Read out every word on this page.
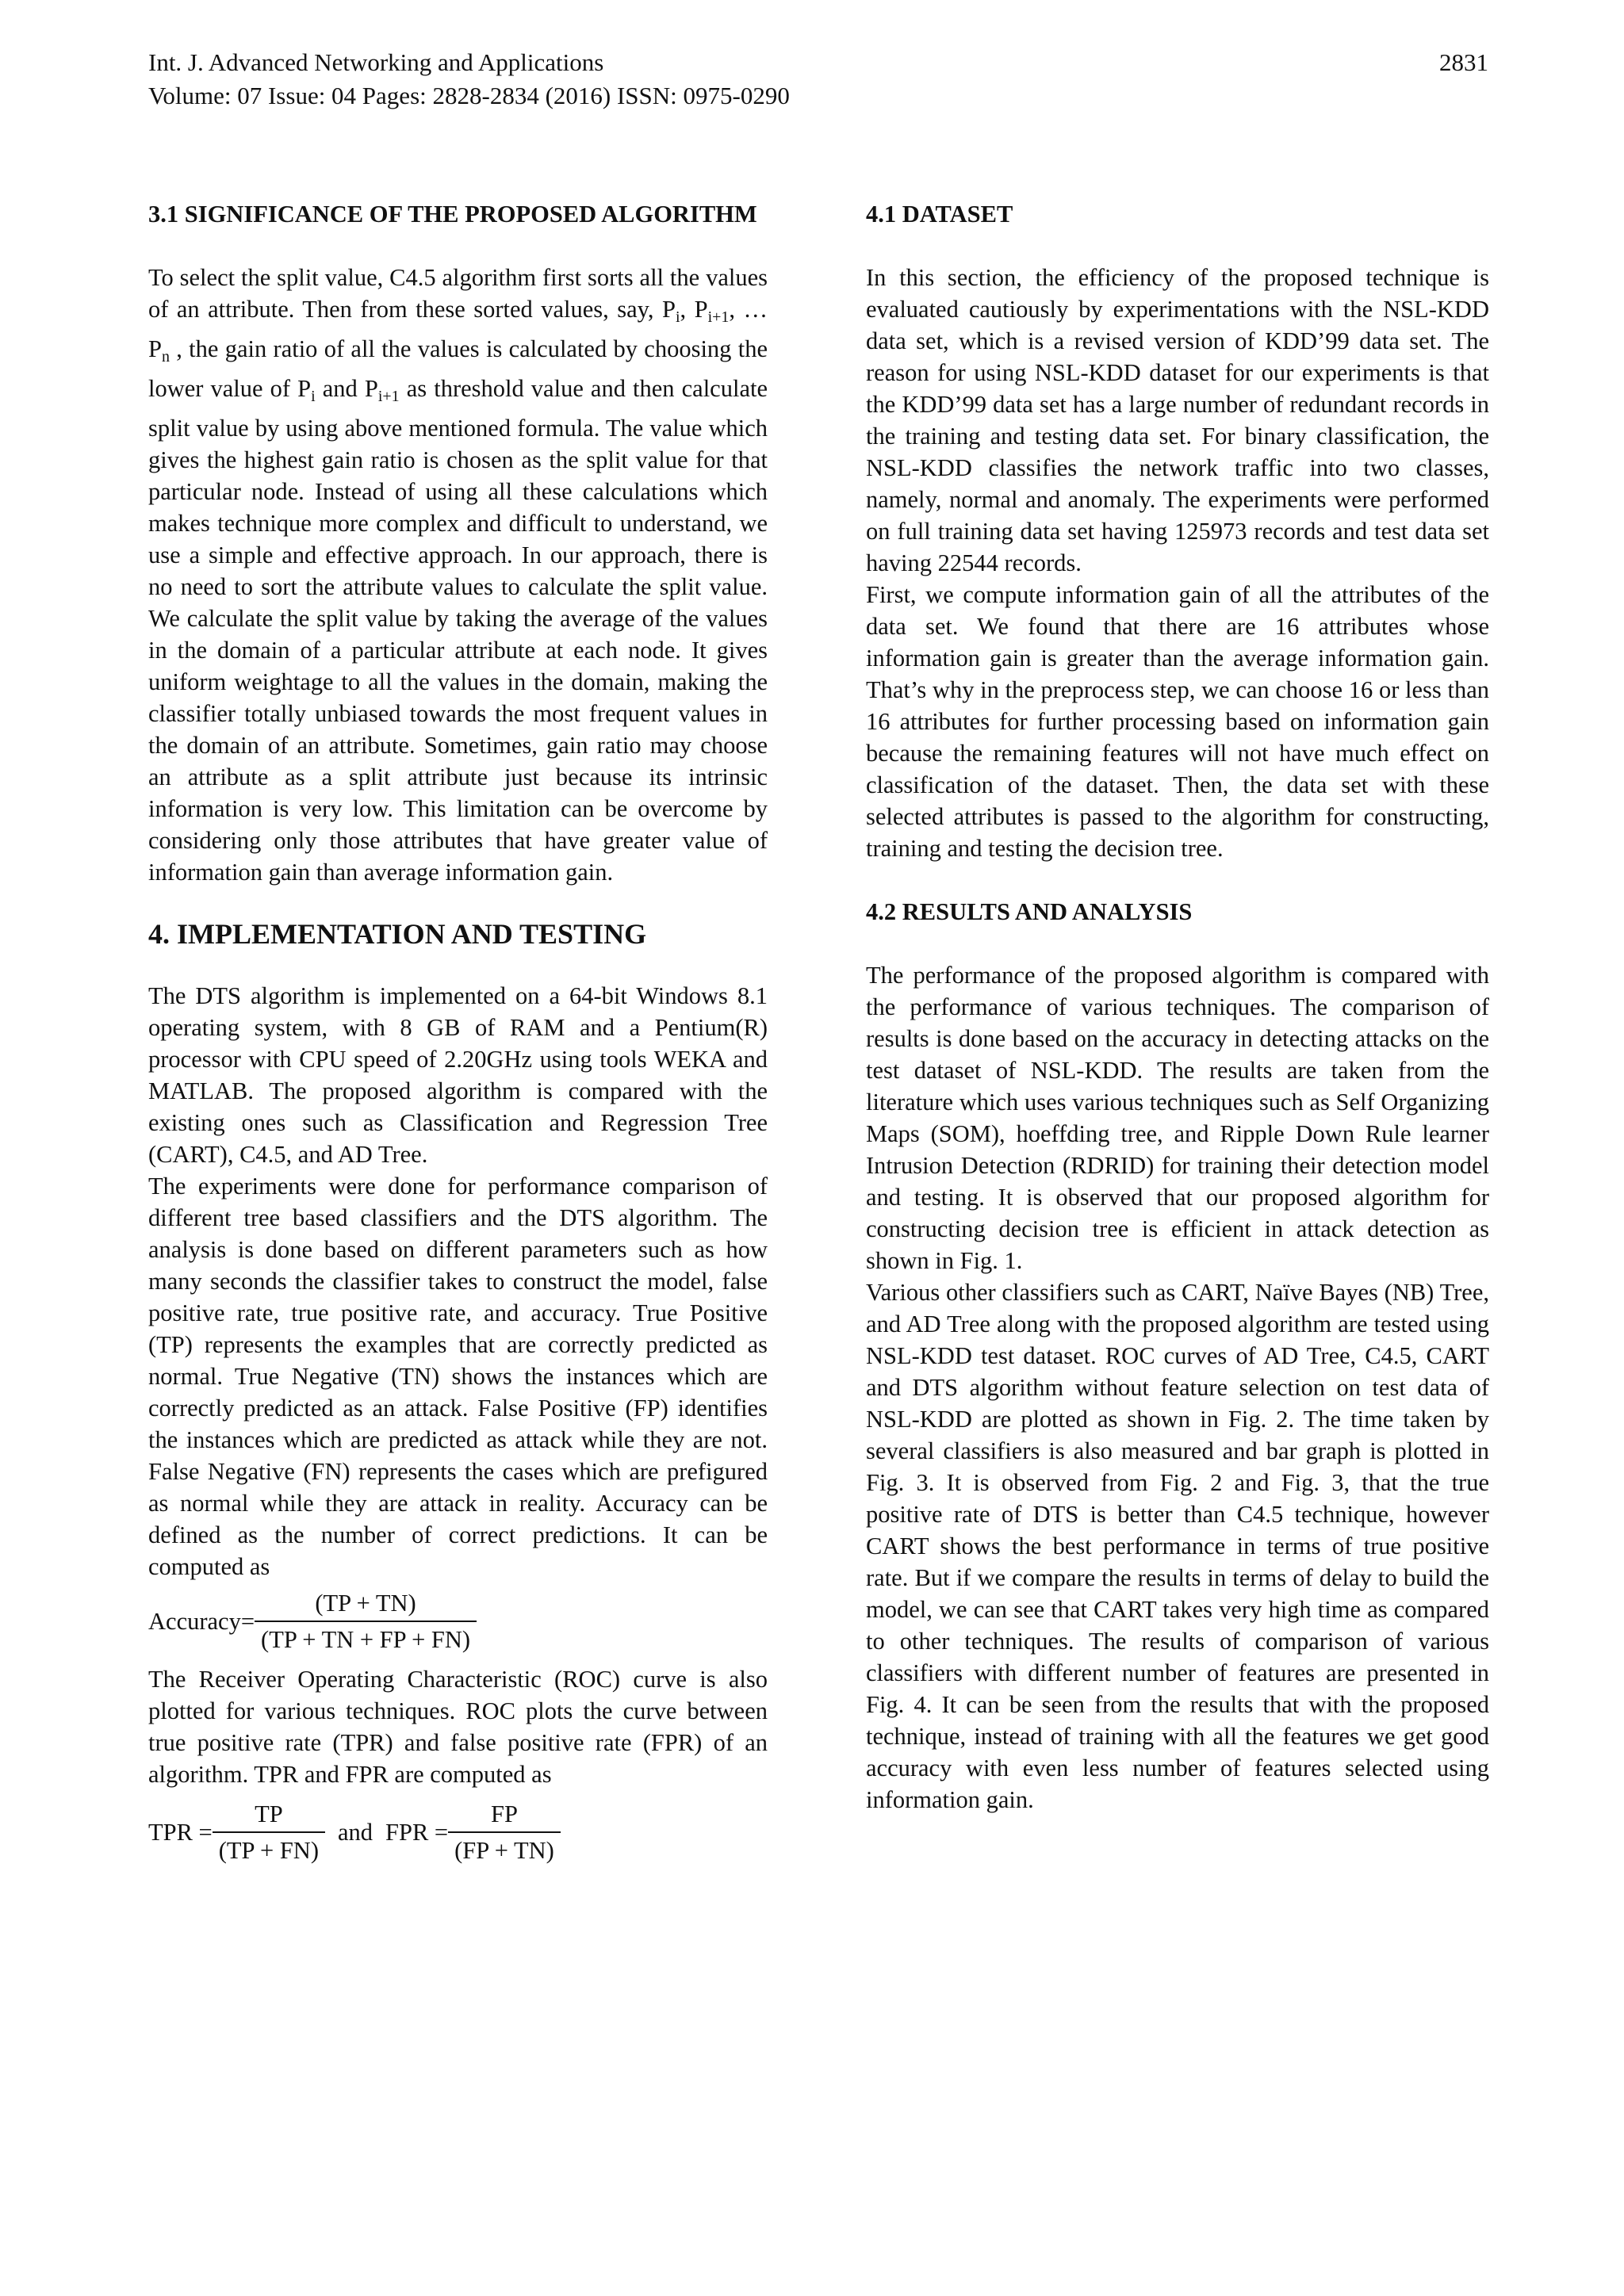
Int. J. Advanced Networking and Applications
Volume: 07 Issue: 04 Pages: 2828-2834 (2016) ISSN: 0975-0290
2831
3.1 SIGNIFICANCE OF THE PROPOSED ALGORITHM

To select the split value, C4.5 algorithm first sorts all the values of an attribute. Then from these sorted values, say, $P_i$, $P_{i+1}$, … $P_n$ , the gain ratio of all the values is calculated by choosing the lower value of $P_i$ and $P_{i+1}$ as threshold value and then calculate split value by using above mentioned formula. The value which gives the highest gain ratio is chosen as the split value for that particular node. Instead of using all these calculations which makes technique more complex and difficult to understand, we use a simple and effective approach. In our approach, there is no need to sort the attribute values to calculate the split value. We calculate the split value by taking the average of the values in the domain of a particular attribute at each node. It gives uniform weightage to all the values in the domain, making the classifier totally unbiased towards the most frequent values in the domain of an attribute. Sometimes, gain ratio may choose an attribute as a split attribute just because its intrinsic information is very low. This limitation can be overcome by considering only those attributes that have greater value of information gain than average information gain.

4. IMPLEMENTATION AND TESTING

The DTS algorithm is implemented on a 64-bit Windows 8.1 operating system, with 8 GB of RAM and a Pentium(R) processor with CPU speed of 2.20GHz using tools WEKA and MATLAB. The proposed algorithm is compared with the existing ones such as Classification and Regression Tree (CART), C4.5, and AD Tree.

The experiments were done for performance comparison of different tree based classifiers and the DTS algorithm. The analysis is done based on different parameters such as how many seconds the classifier takes to construct the model, false positive rate, true positive rate, and accuracy. True Positive (TP) represents the examples that are correctly predicted as normal. True Negative (TN) shows the instances which are correctly predicted as an attack. False Positive (FP) identifies the instances which are predicted as attack while they are not. False Negative (FN) represents the cases which are prefigured as normal while they are attack in reality. Accuracy can be defined as the number of correct predictions. It can be computed as

Accuracy= $\frac{(TP + TN)}{(TP + TN + FP + FN)}$

The Receiver Operating Characteristic (ROC) curve is also plotted for various techniques. ROC plots the curve between true positive rate (TPR) and false positive rate (FPR) of an algorithm. TPR and FPR are computed as

TPR = $\frac{TP}{(TP + FN)}$ and FPR = $\frac{FP}{(FP + TN)}$
4.1 DATASET

In this section, the efficiency of the proposed technique is evaluated cautiously by experimentations with the NSL-KDD data set, which is a revised version of KDD’99 data set. The reason for using NSL-KDD dataset for our experiments is that the KDD’99 data set has a large number of redundant records in the training and testing data set. For binary classification, the NSL-KDD classifies the network traffic into two classes, namely, normal and anomaly. The experiments were performed on full training data set having 125973 records and test data set having 22544 records.

First, we compute information gain of all the attributes of the data set. We found that there are 16 attributes whose information gain is greater than the average information gain. That’s why in the preprocess step, we can choose 16 or less than 16 attributes for further processing based on information gain because the remaining features will not have much effect on classification of the dataset. Then, the data set with these selected attributes is passed to the algorithm for constructing, training and testing the decision tree.

4.2 RESULTS AND ANALYSIS

The performance of the proposed algorithm is compared with the performance of various techniques. The comparison of results is done based on the accuracy in detecting attacks on the test dataset of NSL-KDD. The results are taken from the literature which uses various techniques such as Self Organizing Maps (SOM), hoeffding tree, and Ripple Down Rule learner Intrusion Detection (RDRID) for training their detection model and testing. It is observed that our proposed algorithm for constructing decision tree is efficient in attack detection as shown in Fig. 1.

Various other classifiers such as CART, Naïve Bayes (NB) Tree, and AD Tree along with the proposed algorithm are tested using NSL-KDD test dataset. ROC curves of AD Tree, C4.5, CART and DTS algorithm without feature selection on test data of NSL-KDD are plotted as shown in Fig. 2. The time taken by several classifiers is also measured and bar graph is plotted in Fig. 3. It is observed from Fig. 2 and Fig. 3, that the true positive rate of DTS is better than C4.5 technique, however CART shows the best performance in terms of true positive rate. But if we compare the results in terms of delay to build the model, we can see that CART takes very high time as compared to other techniques. The results of comparison of various classifiers with different number of features are presented in Fig. 4. It can be seen from the results that with the proposed technique, instead of training with all the features we get good accuracy with even less number of features selected using information gain.
